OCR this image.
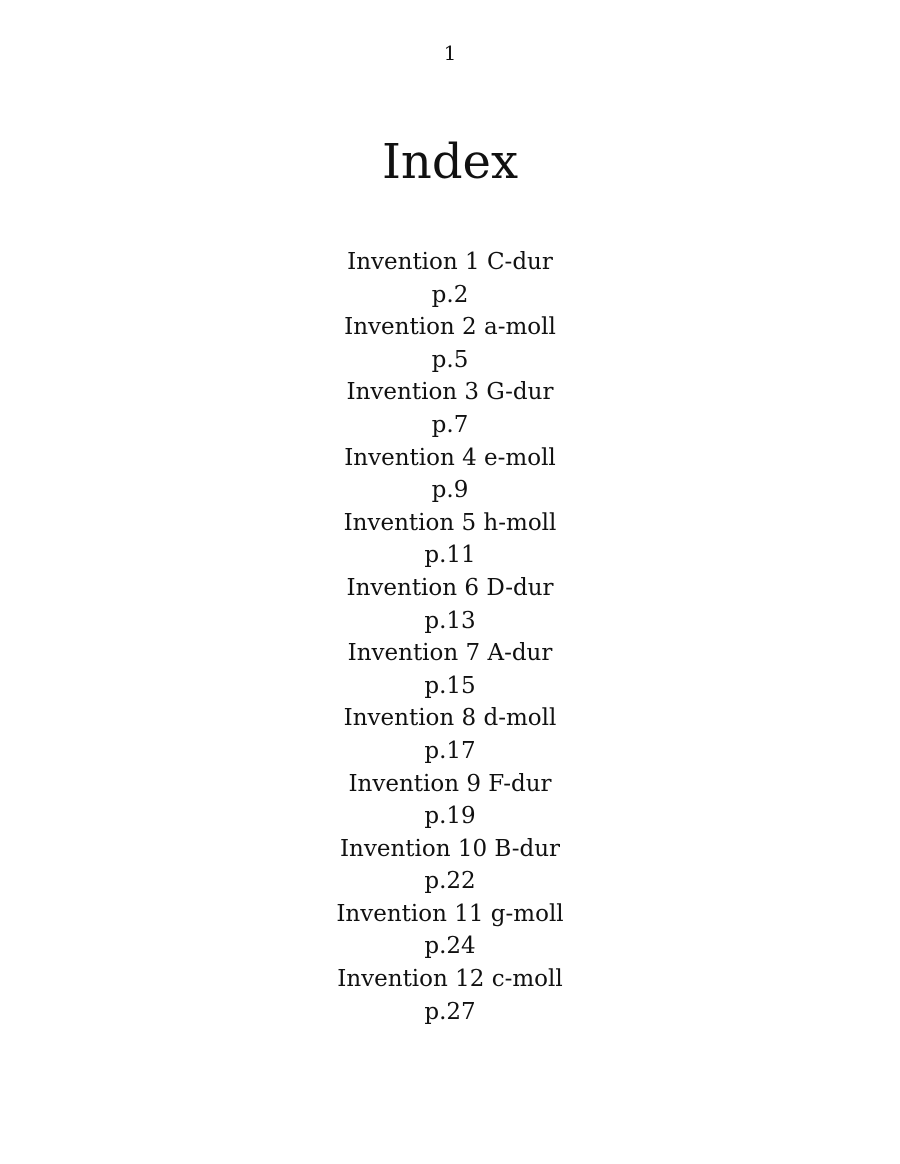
1
Index
Invention 1 C-dur
p.2
Invention 2 a-moll
p.5
Invention 3 G-dur
p.7
Invention 4 e-moll
p.9
Invention 5 h-moll
p.11
Invention 6 D-dur
p.13
Invention 7 A-dur
p.15
Invention 8 d-moll
p.17
Invention 9 F-dur
p.19
Invention 10 B-dur
p.22
Invention 11 g-moll
p.24
Invention 12 c-moll
p.27
